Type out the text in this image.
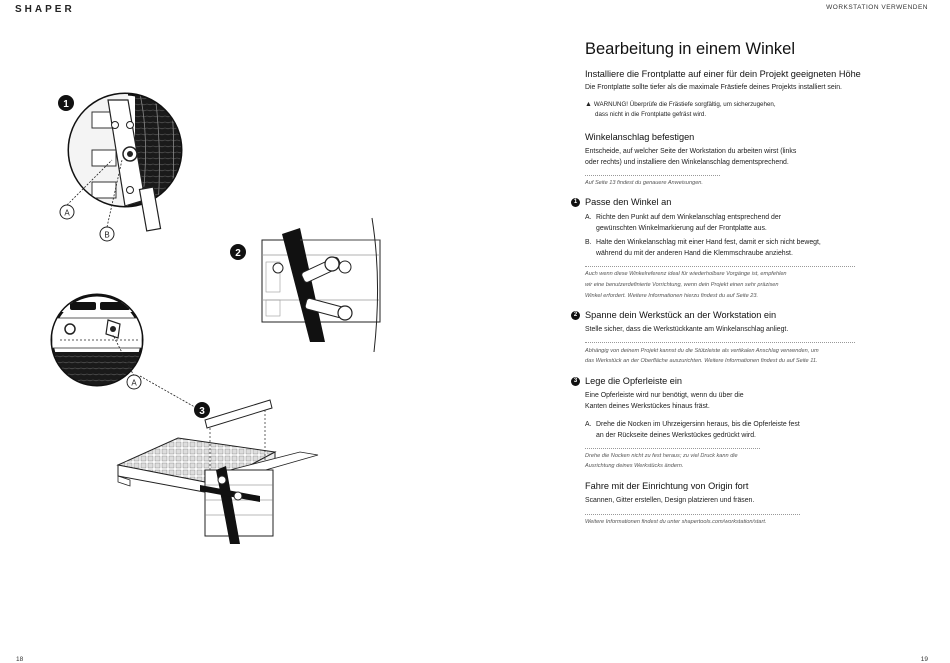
SHAPER	WORKSTATION VERWENDEN
18	19
1
A
B
2
A
3
Bearbeitung in einem Winkel
Installiere die Frontplatte auf einer für dein Projekt geeigneten Höhe
Die Frontplatte sollte tiefer als die maximale Frästiefe deines Projekts installiert sein.
▲ WARNUNG! Überprüfe die Frästiefe sorgfältig, um sicherzugehen,
dass nicht in die Frontplatte gefräst wird.
Winkelanschlag befestigen
Entscheide, auf welcher Seite der Workstation du arbeiten wirst (links
oder rechts) und installiere den Winkelanschlag dementsprechend.
Auf Seite 13 findest du genauere Anweisungen.
1 Passe den Winkel an
A. Richte den Punkt auf dem Winkelanschlag entsprechend der
gewünschten Winkelmarkierung auf der Frontplatte aus.
B. Halte den Winkelanschlag mit einer Hand fest, damit er sich nicht bewegt,
während du mit der anderen Hand die Klemmschraube anziehst.
Auch wenn diese Winkelreferenz ideal für wiederholbare Vorgänge ist, empfehlen
wir eine benutzerdefinierte Vorrichtung, wenn dein Projekt einen sehr präzisen
Winkel erfordert. Weitere Informationen hierzu findest du auf Seite 23.
2 Spanne dein Werkstück an der Workstation ein
Stelle sicher, dass die Werkstückkante am Winkelanschlag anliegt.
Abhängig von deinem Projekt kannst du die Stützleiste als vertikalen Anschlag verwenden, um
das Werkstück an der Oberfläche auszurichten. Weitere Informationen findest du auf Seite 11.
3 Lege die Opferleiste ein
Eine Opferleiste wird nur benötigt, wenn du über die
Kanten deines Werkstückes hinaus fräst.
A. Drehe die Nocken im Uhrzeigersinn heraus, bis die Opferleiste fest
an der Rückseite deines Werkstückes gedrückt wird.
Drehe die Nocken nicht zu fest heraus; zu viel Druck kann die
Ausrichtung deines Werkstücks ändern.
Fahre mit der Einrichtung von Origin fort
Scannen, Gitter erstellen, Design platzieren und fräsen.
Weitere Informationen findest du unter shapertools.com/workstation/start.
